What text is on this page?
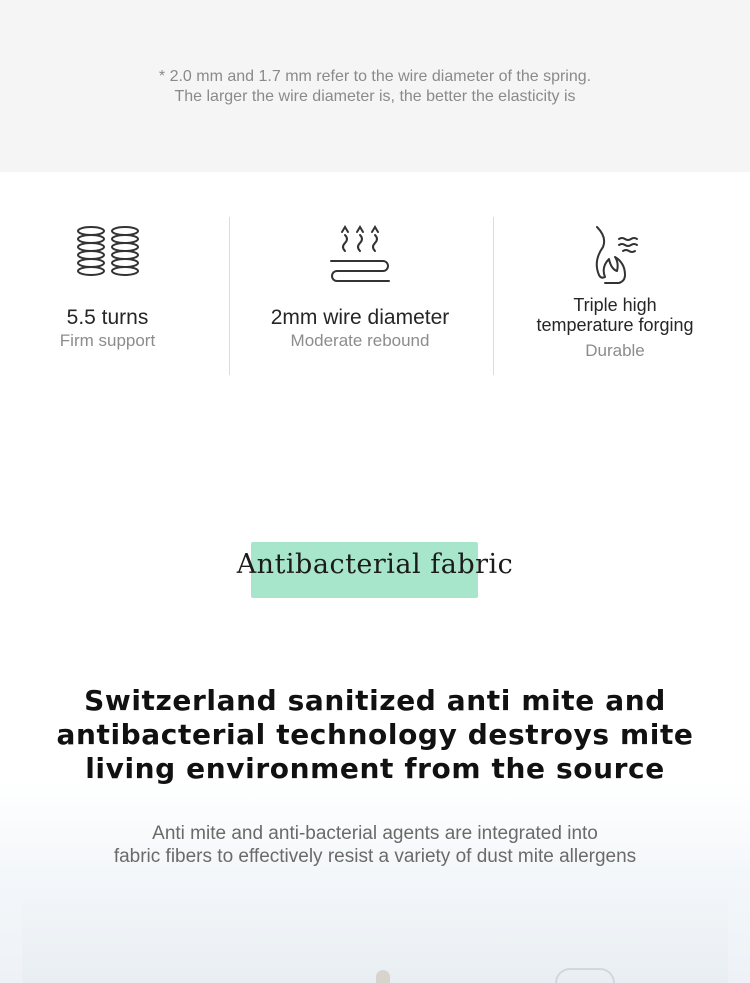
* 2.0 mm and 1.7 mm refer to the wire diameter of the spring.
The larger the wire diameter is, the better the elasticity is
5.5 turns
Firm support
2mm wire diameter
Moderate rebound
Triple high
temperature forging
Durable
Antibacterial fabric
Switzerland sanitized anti mite and
antibacterial technology destroys mite
living environment from the source
Anti mite and anti-bacterial agents are integrated into
fabric fibers to effectively resist a variety of dust mite allergens
